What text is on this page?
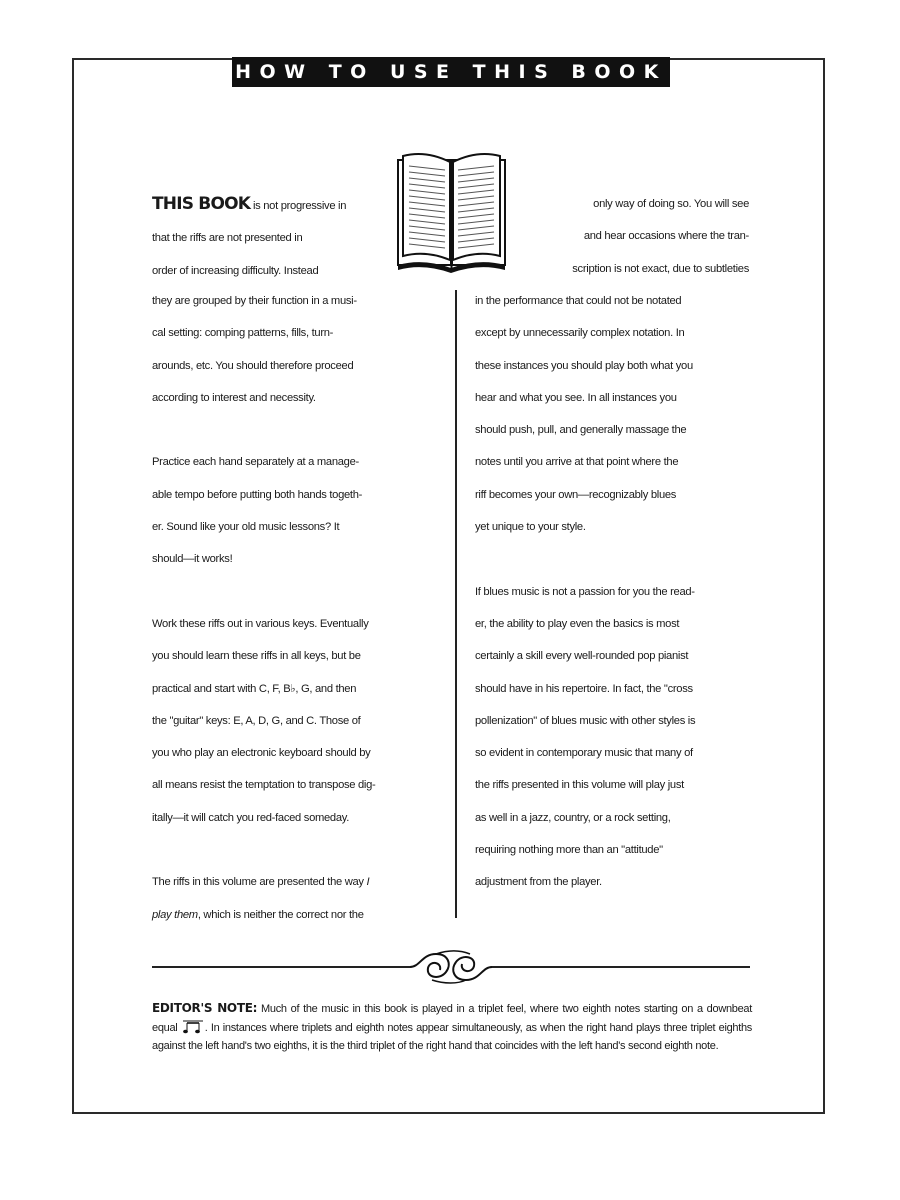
HOW TO USE THIS BOOK

THIS BOOK is not progressive in

that the riffs are not presented in

order of increasing difficulty. Instead

they are grouped by their function in a musi-

cal setting: comping patterns, fills, turn-

arounds, etc. You should therefore proceed

according to interest and necessity.

Practice each hand separately at a manage-

able tempo before putting both hands togeth-

er. Sound like your old music lessons? It

should—it works!

Work these riffs out in various keys. Eventually

you should learn these riffs in all keys, but be

practical and start with C, F, B♭, G, and then

the "guitar" keys: E, A, D, G, and C. Those of

you who play an electronic keyboard should by

all means resist the temptation to transpose dig-

itally—it will catch you red-faced someday.

The riffs in this volume are presented the way I

play them, which is neither the correct nor the

only way of doing so. You will see

and hear occasions where the tran-

scription is not exact, due to subtleties

in the performance that could not be notated

except by unnecessarily complex notation. In

these instances you should play both what you

hear and what you see. In all instances you

should push, pull, and generally massage the

notes until you arrive at that point where the

riff becomes your own—recognizably blues

yet unique to your style.

If blues music is not a passion for you the read-

er, the ability to play even the basics is most

certainly a skill every well-rounded pop pianist

should have in his repertoire. In fact, the "cross

pollenization" of blues music with other styles is

so evident in contemporary music that many of

the riffs presented in this volume will play just

as well in a jazz, country, or a rock setting,

requiring nothing more than an "attitude"

adjustment from the player.

EDITOR'S NOTE: Much of the music in this book is played in a triplet feel, where two eighth notes starting on a downbeat equal . In instances where triplets and eighth notes appear simultaneously, as when the right hand plays three triplet eighths against the left hand's two eighths, it is the third triplet of the right hand that coincides with the left hand's second eighth note.
